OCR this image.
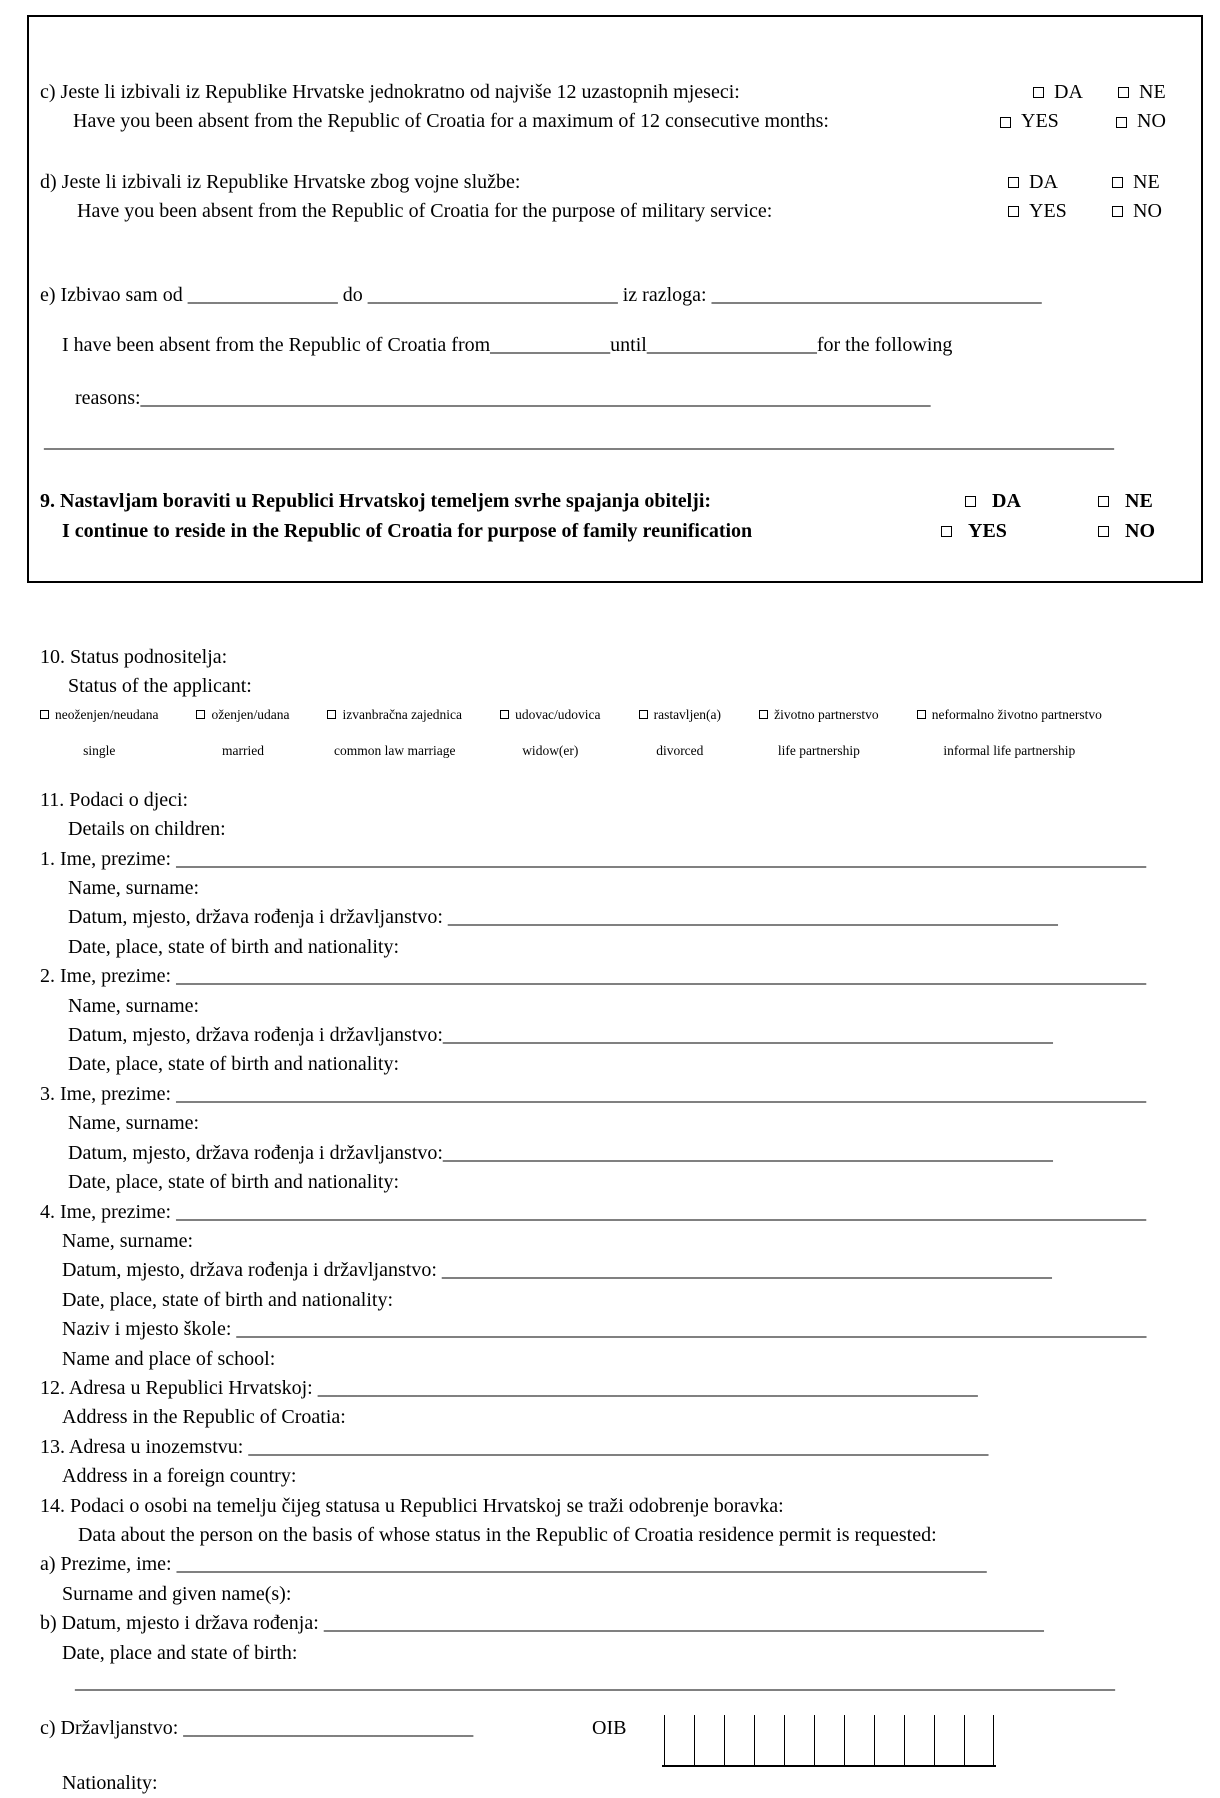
c) Jeste li izbivali iz Republike Hrvatske jednokratno od najviše 12 uzastopnih mjeseci:	DA	NE
Have you been absent from the Republic of Croatia for a maximum of 12 consecutive months:	YES	NO
d) Jeste li izbivali iz Republike Hrvatske zbog vojne službe:	DA	NE
Have you been absent from the Republic of Croatia for the purpose of military service:	YES	NO
e) Izbivao sam od _______________ do _________________________ iz razloga: _________________________________
I have been absent from the Republic of Croatia from____________until_________________for the following
reasons:_______________________________________________________________________________
___________________________________________________________________________________________________________
9. Nastavljam boraviti u Republici Hrvatskoj temeljem svrhe spajanja obitelji:	DA	NE
I continue to reside in the Republic of Croatia for purpose of family reunification	YES	NO
10. Status podnositelja:
Status of the applicant:
neoženjen/neudana
single
oženjen/udana
married
izvanbračna zajednica
common law marriage
udovac/udovica
widow(er)
rastavljen(a)
divorced
životno partnerstvo
life partnership
neformalno životno partnerstvo
informal life partnership
11. Podaci o djeci:
Details on children:
1. Ime, prezime: _________________________________________________________________________________________________
Name, surname:
Datum, mjesto, država rođenja i državljanstvo: _____________________________________________________________
Date, place, state of birth and nationality:
2. Ime, prezime: _________________________________________________________________________________________________
Name, surname:
Datum, mjesto, država rođenja i državljanstvo:_____________________________________________________________
Date, place, state of birth and nationality:
3. Ime, prezime: _________________________________________________________________________________________________
Name, surname:
Datum, mjesto, država rođenja i državljanstvo:_____________________________________________________________
Date, place, state of birth and nationality:
4. Ime, prezime: _________________________________________________________________________________________________
Name, surname:
Datum, mjesto, država rođenja i državljanstvo: _____________________________________________________________
Date, place, state of birth and nationality:
Naziv i mjesto škole: ___________________________________________________________________________________________
Name and place of school:
12. Adresa u Republici Hrvatskoj: __________________________________________________________________
Address in the Republic of Croatia:
13. Adresa u inozemstvu: __________________________________________________________________________
Address in a foreign country:
14. Podaci o osobi na temelju čijeg statusa u Republici Hrvatskoj se traži odobrenje boravka:
Data about the person on the basis of whose status in the Republic of Croatia residence permit is requested:
a) Prezime, ime: _________________________________________________________________________________
Surname and given name(s):
b) Datum, mjesto i država rođenja: ________________________________________________________________________
Date, place and state of birth:
________________________________________________________________________________________________________
c) Državljanstvo: _____________________________	OIB
Nationality:
